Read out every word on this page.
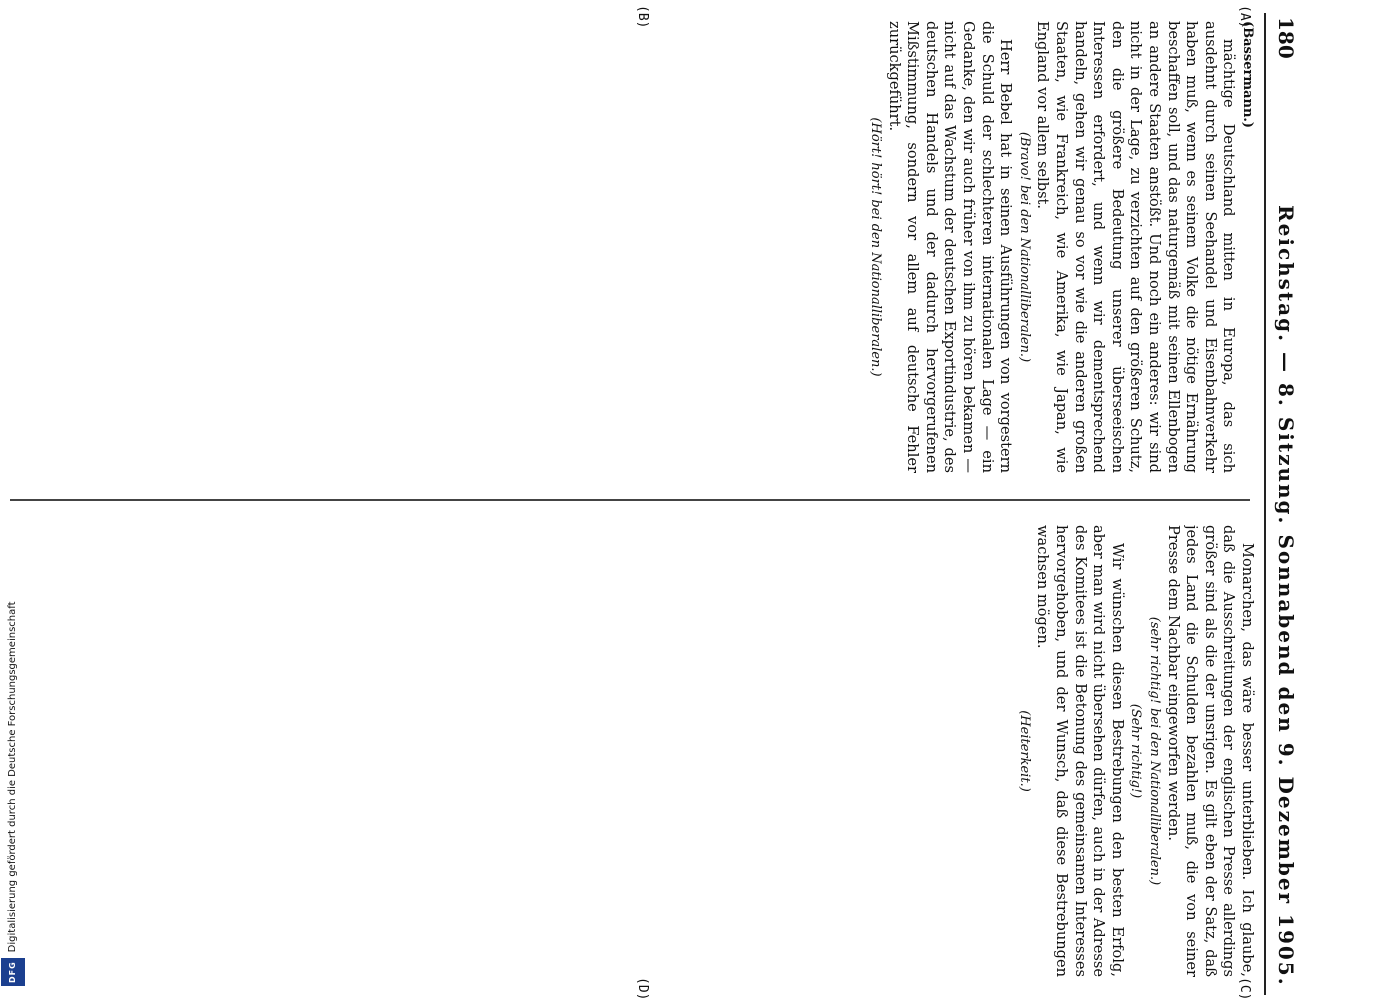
180
Reichstag. — 8. Sitzung. Sonnabend den 9. Dezember 1905.
(A)
(B)
(C)
(D)

(Bassermann.)

mächtige Deutschland mitten in Europa, das sich ausdehnt durch seinen Seehandel und Eisenbahnverkehr haben muß, wenn es seinem Volke die nötige Ernährung beschaffen soll, und das naturgemäß mit seinen Ellenbogen an andere Staaten anstößt. Und noch ein anderes: wir sind nicht in der Lage, zu verzichten auf den größeren Schutz, den die größere Bedeutung unserer überseeischen Interessen erfordert, und wenn wir dementsprechend handeln, gehen wir genau so vor wie die anderen großen Staaten, wie Frankreich, wie Amerika, wie Japan, wie England vor allem selbst.

(Bravo! bei den Nationalliberalen.)

Herr Bebel hat in seinen Ausführungen von vorgestern die Schuld der schlechteren internationalen Lage — ein Gedanke, den wir auch früher von ihm zu hören bekamen — nicht auf das Wachstum der deutschen Exportindustrie, des deutschen Handels und der dadurch hervorgerufenen Mißstimmung, sondern vor allem auf deutsche Fehler zurückgeführt.

(Hört! hört! bei den Nationalliberalen.)

Monarchen, das wäre besser unterblieben. Ich glaube, daß die Ausschreitungen der englischen Presse allerdings größer sind als die der unsrigen. Es gilt eben der Satz, daß jedes Land die Schulden bezahlen muß, die von seiner Presse dem Nachbar eingeworfen werden.

(sehr richtig! bei den Nationalliberalen.)

(Sehr richtig!)

Wir wünschen diesen Bestrebungen den besten Erfolg, aber man wird nicht übersehen dürfen, auch in der Adresse des Komitees ist die Betonung des gemeinsamen Interesses hervorgehoben, und der Wunsch, daß diese Bestrebungen wachsen mögen.

(Heiterkeit.)

DFG
Digitalisierung gefördert durch die Deutsche Forschungsgemeinschaft
